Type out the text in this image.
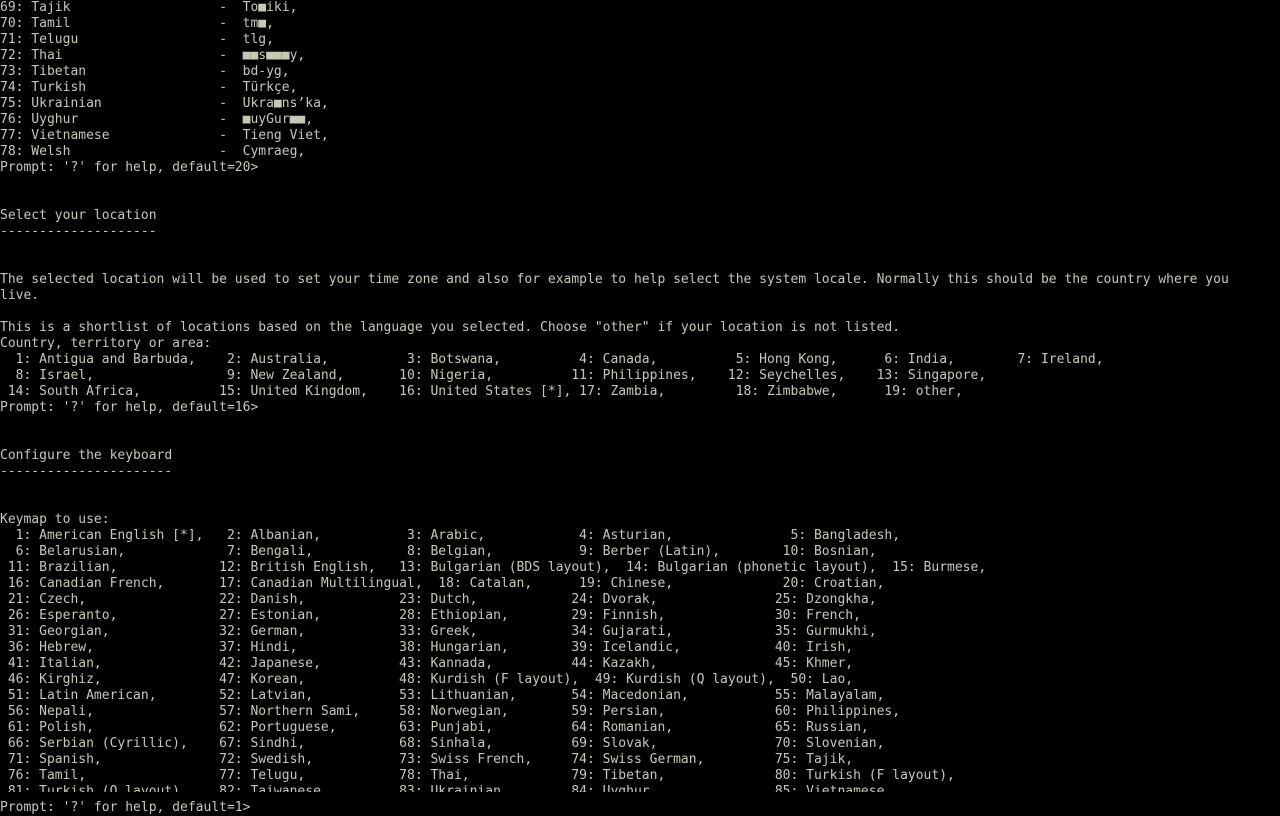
69: Tajik                   -  To■iki,
70: Tamil                   -  tm■,
71: Telugu                  -  tlg,
72: Thai                    -  ■■s■■■y,
73: Tibetan                 -  bd-yg,
74: Turkish                 -  Türkçe,
75: Ukrainian               -  Ukra■ns’ka,
76: Uyghur                  -  ■uyGur■■,
77: Vietnamese              -  Tieng Viet,
78: Welsh                   -  Cymraeg,
Prompt: '?' for help, default=20>
Select your location
--------------------
The selected location will be used to set your time zone and also for example to help select the system locale. Normally this should be the country where you
live.
This is a shortlist of locations based on the language you selected. Choose "other" if your location is not listed.
Country, territory or area:
1: Antigua and Barbuda,    2: Australia,          3: Botswana,          4: Canada,          5: Hong Kong,      6: India,        7: Ireland,
8: Israel,                 9: New Zealand,       10: Nigeria,          11: Philippines,    12: Seychelles,    13: Singapore,
14: South Africa,          15: United Kingdom,    16: United States [*], 17: Zambia,         18: Zimbabwe,      19: other,
Prompt: '?' for help, default=16>
Configure the keyboard
----------------------
Keymap to use:
1: American English [*],   2: Albanian,           3: Arabic,            4: Asturian,               5: Bangladesh,
6: Belarusian,             7: Bengali,            8: Belgian,           9: Berber (Latin),        10: Bosnian,
11: Brazilian,             12: British English,   13: Bulgarian (BDS layout),  14: Bulgarian (phonetic layout),  15: Burmese,
16: Canadian French,       17: Canadian Multilingual,  18: Catalan,      19: Chinese,              20: Croatian,
21: Czech,                 22: Danish,            23: Dutch,            24: Dvorak,               25: Dzongkha,
26: Esperanto,             27: Estonian,          28: Ethiopian,        29: Finnish,              30: French,
31: Georgian,              32: German,            33: Greek,            34: Gujarati,             35: Gurmukhi,
36: Hebrew,                37: Hindi,             38: Hungarian,        39: Icelandic,            40: Irish,
41: Italian,               42: Japanese,          43: Kannada,          44: Kazakh,               45: Khmer,
46: Kirghiz,               47: Korean,            48: Kurdish (F layout),  49: Kurdish (Q layout),  50: Lao,
51: Latin American,        52: Latvian,           53: Lithuanian,       54: Macedonian,           55: Malayalam,
56: Nepali,                57: Northern Sami,     58: Norwegian,        59: Persian,              60: Philippines,
61: Polish,                62: Portuguese,        63: Punjabi,          64: Romanian,             65: Russian,
66: Serbian (Cyrillic),    67: Sindhi,            68: Sinhala,          69: Slovak,               70: Slovenian,
71: Spanish,               72: Swedish,           73: Swiss French,     74: Swiss German,         75: Tajik,
76: Tamil,                 77: Telugu,            78: Thai,             79: Tibetan,              80: Turkish (F layout),
Prompt: '?' for help, default=1>
